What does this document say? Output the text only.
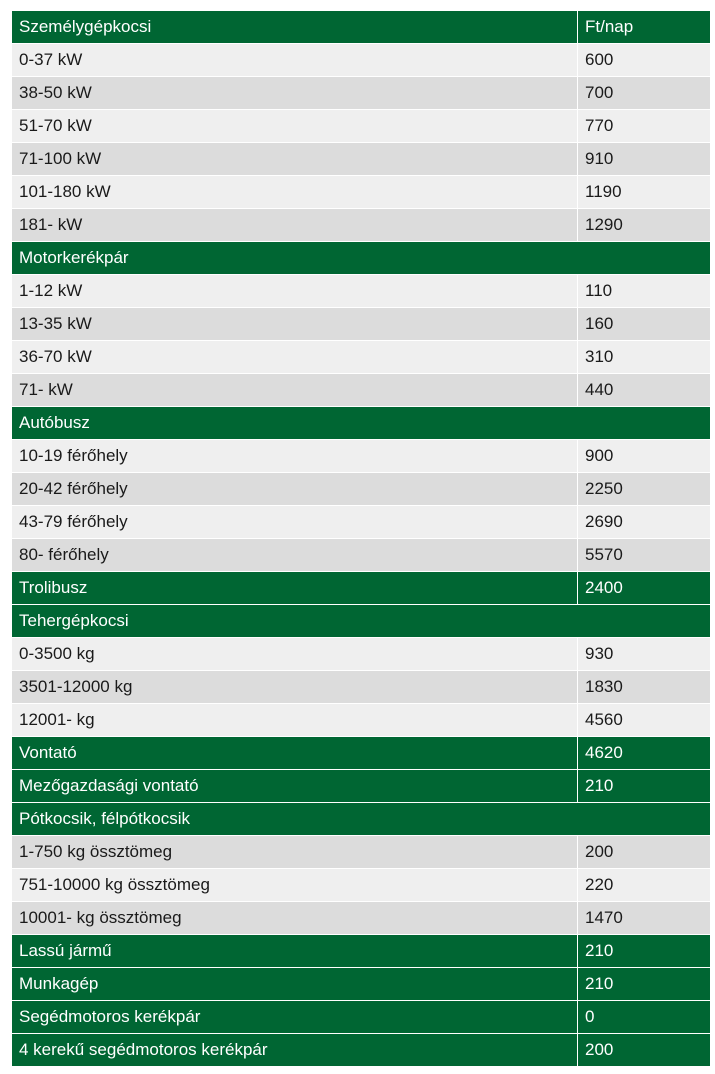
Személygépkocsi	Ft/nap
0-37 kW	600
38-50 kW	700
51-70 kW	770
71-100 kW	910
101-180 kW	1190
181- kW	1290
Motorkerékpár	
1-12 kW	110
13-35 kW	160
36-70 kW	310
71- kW	440
Autóbusz	
10-19 férőhely	900
20-42 férőhely	2250
43-79 férőhely	2690
80- férőhely	5570
Trolibusz	2400
Tehergépkocsi	
0-3500 kg	930
3501-12000 kg	1830
12001- kg	4560
Vontató	4620
Mezőgazdasági vontató	210
Pótkocsik, félpótkocsik	
1-750 kg össztömeg	200
751-10000 kg össztömeg	220
10001- kg össztömeg	1470
Lassú jármű	210
Munkagép	210
Segédmotoros kerékpár	0
4 kerekű segédmotoros kerékpár	200
